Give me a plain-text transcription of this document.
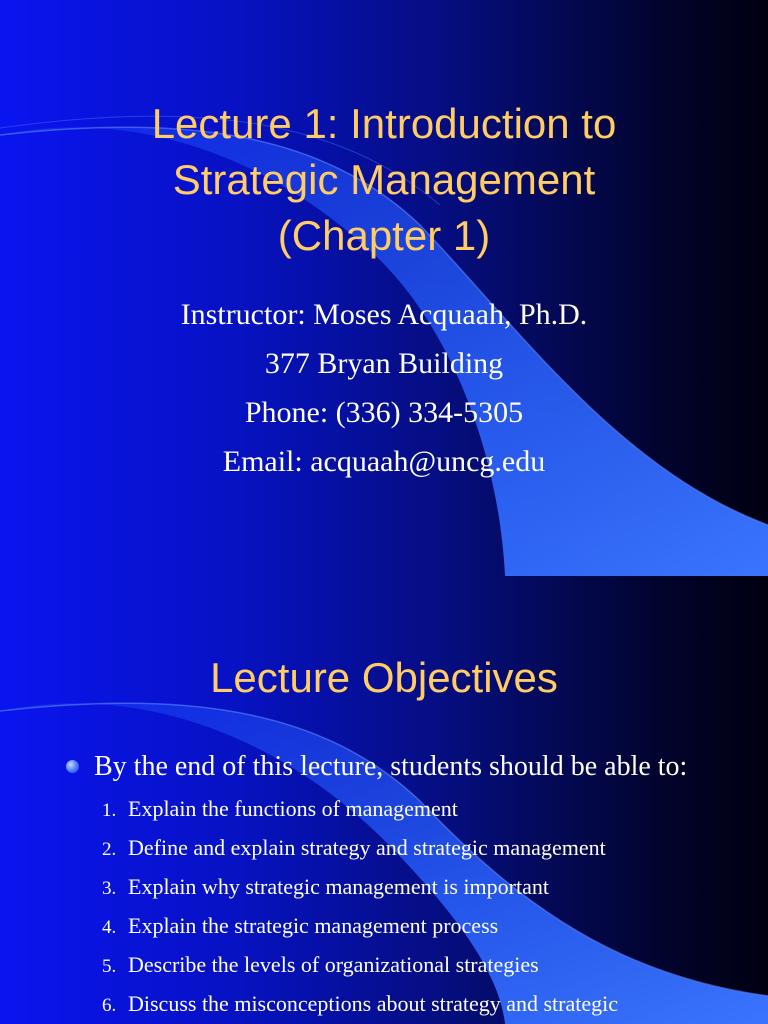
Lecture 1: Introduction to
Strategic Management
(Chapter 1)
Instructor: Moses Acquaah, Ph.D.
377 Bryan Building
Phone: (336) 334-5305
Email: acquaah@uncg.edu
Lecture Objectives
By the end of this lecture, students should be able to:
1. Explain the functions of management
2. Define and explain strategy and strategic management
3. Explain why strategic management is important
4. Explain the strategic management process
5. Describe the levels of organizational strategies
6. Discuss the misconceptions about strategy and strategic
